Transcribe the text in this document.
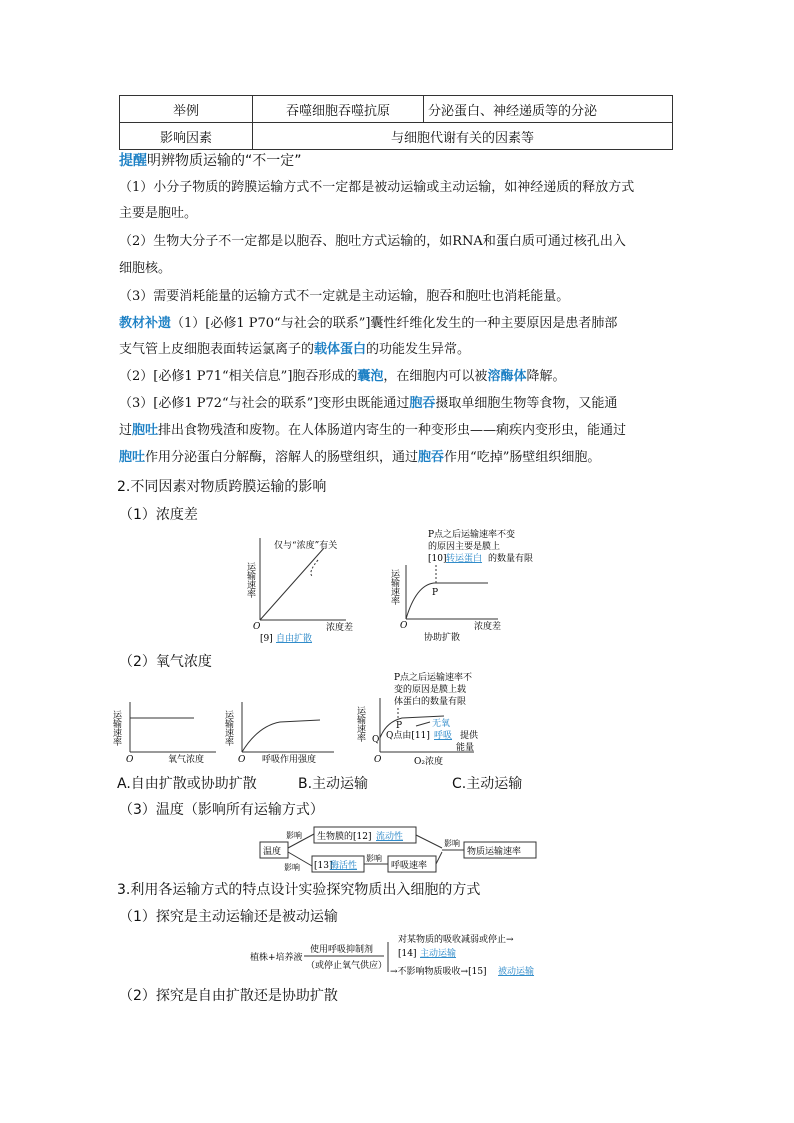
举例	吞噬细胞吞噬抗原	分泌蛋白、神经递质等的分泌
影响因素	与细胞代谢有关的因素等	
提醒明辨物质运输的“不一定”
（1）小分子物质的跨膜运输方式不一定都是被动运输或主动运输，如神经递质的释放方式
主要是胞吐。
（2）生物大分子不一定都是以胞吞、胞吐方式运输的，如RNA和蛋白质可通过核孔出入
细胞核。
（3）需要消耗能量的运输方式不一定就是主动运输，胞吞和胞吐也消耗能量。
教材补遗（1）[必修1 P70“与社会的联系”]囊性纤维化发生的一种主要原因是患者肺部
支气管上皮细胞表面转运氯离子的载体蛋白的功能发生异常。
（2）[必修1 P71“相关信息”]胞吞形成的囊泡，在细胞内可以被溶酶体降解。
（3）[必修1 P72“与社会的联系”]变形虫既能通过胞吞摄取单细胞生物等食物，又能通
过胞吐排出食物残渣和废物。在人体肠道内寄生的一种变形虫——痢疾内变形虫，能通过
胞吐作用分泌蛋白分解酶，溶解人的肠壁组织，通过胞吞作用“吃掉”肠壁组织细胞。
2.不同因素对物质跨膜运输的影响
（1）浓度差
仅与“浓度”有关
运输速率
O	浓度差
[9] 自由扩散
P点之后运输速率不变
的原因主要是膜上
[10] 转运蛋白 的数量有限
运输速率	P
O	浓度差
协助扩散
（2）氧气浓度
运输速率
O	氧气浓度
运输速率
O 呼吸作用强度
P点之后运输速率不
变的原因是膜上载
体蛋白的数量有限
运输速率	P	无氧
Q Q点由[11] 呼吸 提供
能量
O	O₂浓度
A.自由扩散或协助扩散	B.主动运输	C.主动运输
（3）温度（影响所有运输方式）
温度
影响
影响
生物膜的[12] 流动性
[13]
酶活性
影响
呼吸速率
影响
物质运输速率
3.利用各运输方式的特点设计实验探究物质出入细胞的方式
（1）探究是主动运输还是被动运输
植株+培养液
使用呼吸抑制剂
（或停止氧气供应）
对某物质的吸收减弱或停止→
[14] 主动运输
→不影响物质吸收→[15] 被动运输
（2）探究是自由扩散还是协助扩散
